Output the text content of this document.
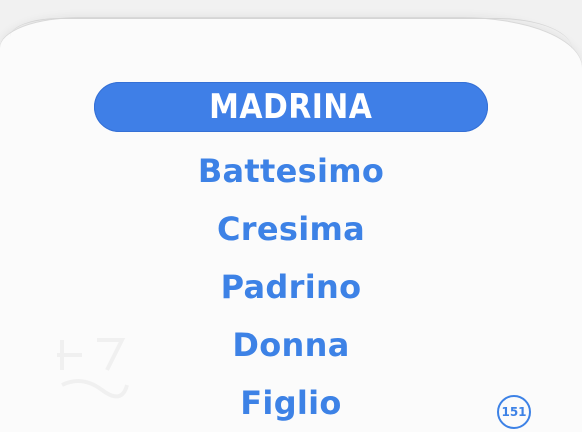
MADRINA
Battesimo
Cresima
Padrino
Donna
Figlio	151
